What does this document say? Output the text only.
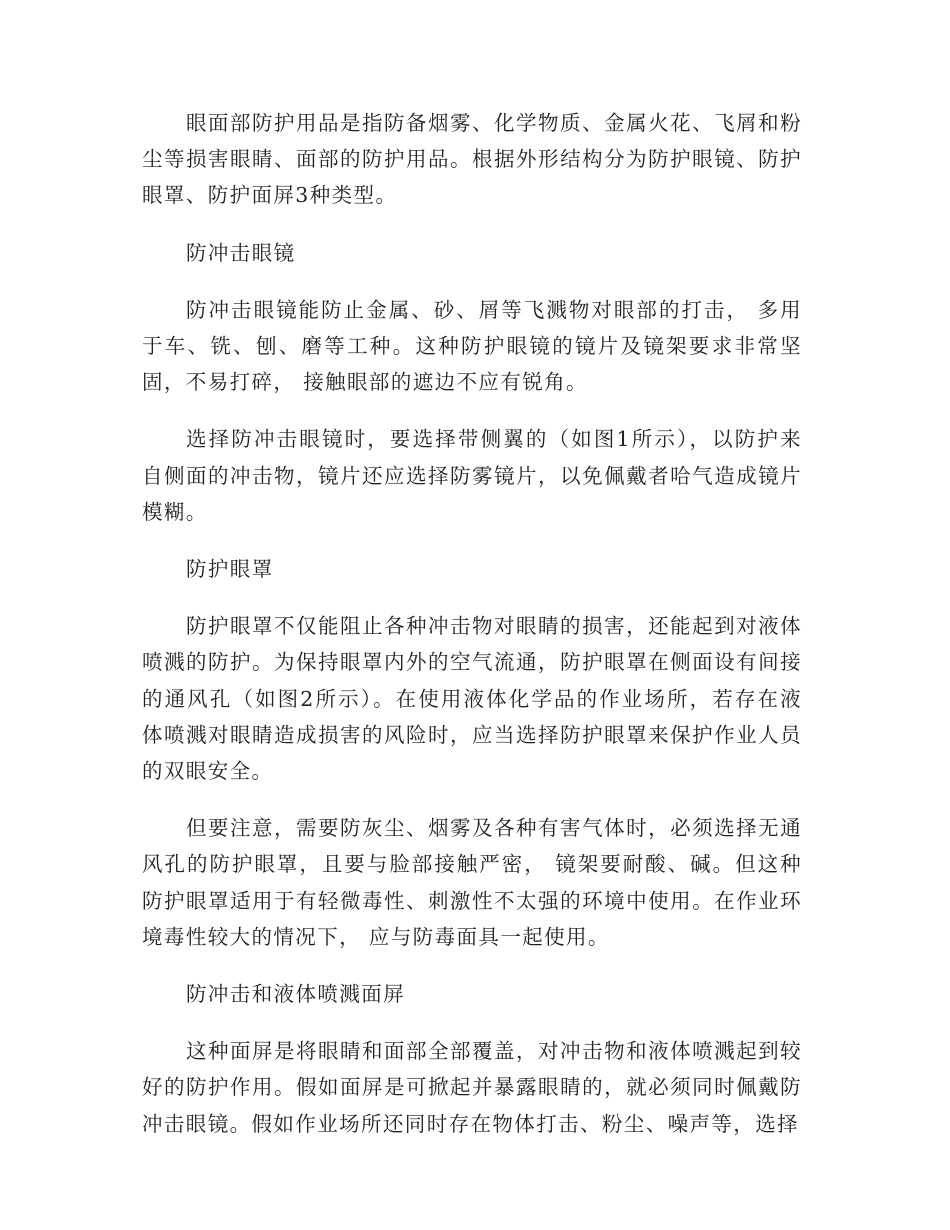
眼面部防护用品是指防备烟雾、化学物质、金属火花、飞屑和粉尘等损害眼睛、面部的防护用品。根据外形结构分为防护眼镜、防护眼罩、防护面屏3种类型。

防冲击眼镜

防冲击眼镜能防止金属、砂、屑等飞溅物对眼部的打击， 多用于车、铣、刨、磨等工种。这种防护眼镜的镜片及镜架要求非常坚固，不易打碎， 接触眼部的遮边不应有锐角。

选择防冲击眼镜时，要选择带侧翼的（如图1所示），以防护来自侧面的冲击物，镜片还应选择防雾镜片，以免佩戴者哈气造成镜片模糊。

防护眼罩

防护眼罩不仅能阻止各种冲击物对眼睛的损害，还能起到对液体喷溅的防护。为保持眼罩内外的空气流通，防护眼罩在侧面设有间接的通风孔（如图2所示）。在使用液体化学品的作业场所，若存在液体喷溅对眼睛造成损害的风险时，应当选择防护眼罩来保护作业人员的双眼安全。

但要注意，需要防灰尘、烟雾及各种有害气体时，必须选择无通风孔的防护眼罩，且要与脸部接触严密， 镜架要耐酸、碱。但这种防护眼罩适用于有轻微毒性、刺激性不太强的环境中使用。在作业环境毒性较大的情况下， 应与防毒面具一起使用。

防冲击和液体喷溅面屏

这种面屏是将眼睛和面部全部覆盖，对冲击物和液体喷溅起到较好的防护作用。假如面屏是可掀起并暴露眼睛的，就必须同时佩戴防冲击眼镜。假如作业场所还同时存在物体打击、粉尘、噪声等，选择
